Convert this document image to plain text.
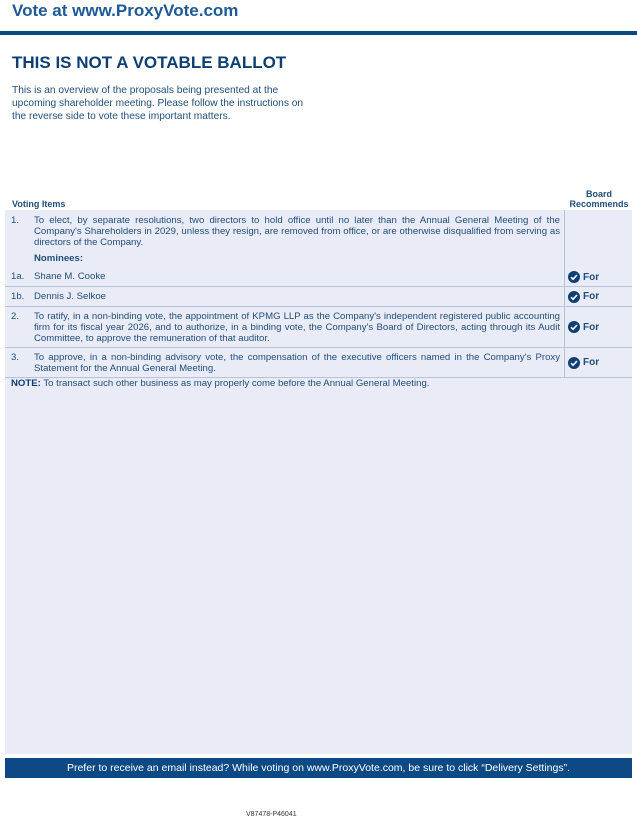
Vote at www.ProxyVote.com
THIS IS NOT A VOTABLE BALLOT
This is an overview of the proposals being presented at the
upcoming shareholder meeting. Please follow the instructions on
the reverse side to vote these important matters.
Voting Items
Board
Recommends
1.	To elect, by separate resolutions, two directors to hold office until no later than the Annual General Meeting of the Company's Shareholders in 2029, unless they resign, are removed from office, or are otherwise disqualified from serving as directors of the Company.	
	Nominees:	
1a.	Shane M. Cooke	For

1b.	Dennis J. Selkoe	For

2.	To ratify, in a non-binding vote, the appointment of KPMG LLP as the Company's independent registered public accounting firm for its fiscal year 2026, and to authorize, in a binding vote, the Company's Board of Directors, acting through its Audit Committee, to approve the remuneration of that auditor.	For

3.	To approve, in a non-binding advisory vote, the compensation of the executive officers named in the Company's Proxy Statement for the Annual General Meeting.	For
NOTE: To transact such other business as may properly come before the Annual General Meeting.
Prefer to receive an email instead? While voting on www.ProxyVote.com, be sure to click “Delivery Settings”.
V87478-P46041
